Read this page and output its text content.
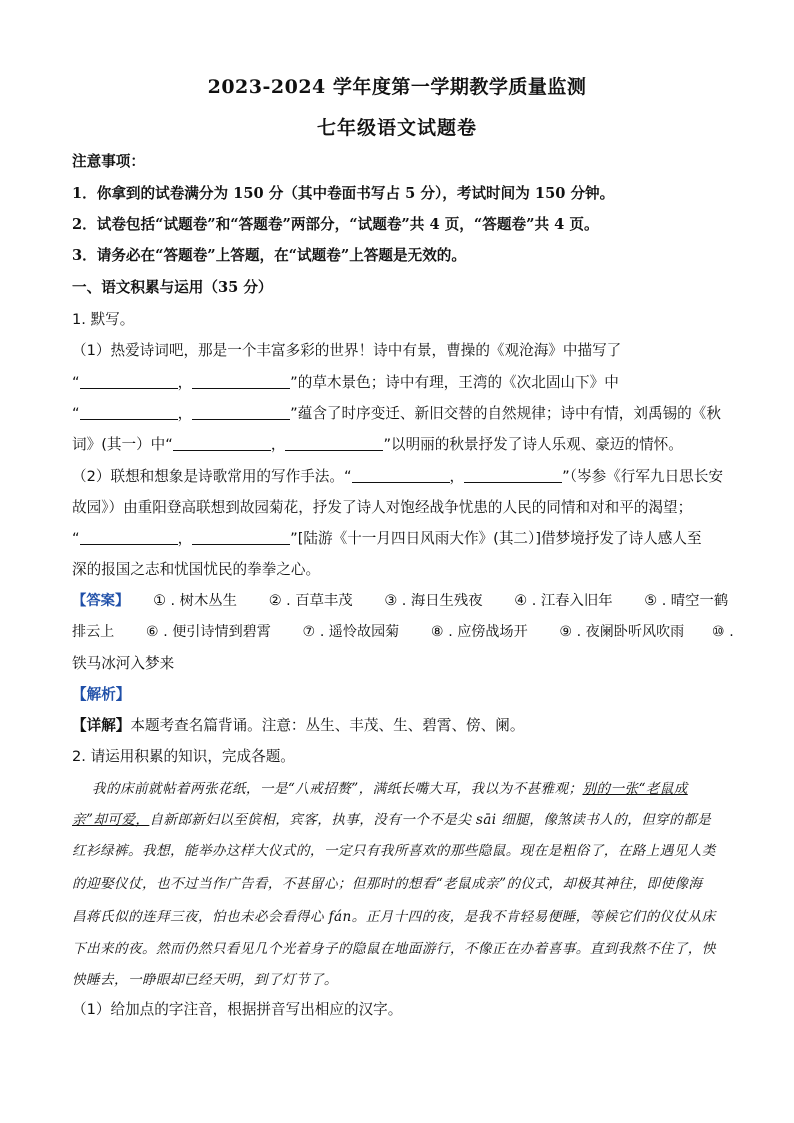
2023-2024 学年度第一学期教学质量监测
七年级语文试题卷
注意事项：
1．你拿到的试卷满分为 150 分（其中卷面书写占 5 分），考试时间为 150 分钟。
2．试卷包括“试题卷”和“答题卷”两部分，“试题卷”共 4 页，“答题卷”共 4 页。
3．请务必在“答题卷”上答题，在“试题卷”上答题是无效的。
一、语文积累与运用（35 分）
1. 默写。
（1）热爱诗词吧，那是一个丰富多彩的世界！诗中有景，曹操的《观沧海》中描写了
“	，	”的草木景色；诗中有理，王湾的《次北固山下》中
“	，	”蕴含了时序变迁、新旧交替的自然规律；诗中有情，刘禹锡的《秋
词》(其一）中“	，	”以明丽的秋景抒发了诗人乐观、豪迈的情怀。
（2）联想和想象是诗歌常用的写作手法。“	，	”（岑参《行军九日思长安
故园》）由重阳登高联想到故园菊花，抒发了诗人对饱经战争忧患的人民的同情和对和平的渴望；
“	，	”[陆游《十一月四日风雨大作》(其二）]借梦境抒发了诗人感人至
深的报国之志和忧国忧民的拳拳之心。
【答案】 ① . 树木丛生 ② . 百草丰茂 ③ . 海日生残夜 ④ . 江春入旧年 ⑤ . 晴空一鹤
排云上 ⑥ . 便引诗情到碧霄 ⑦ . 遥怜故园菊 ⑧ . 应傍战场开 ⑨ . 夜阑卧听风吹雨 ⑩ .
铁马冰河入梦来
【解析】
【详解】本题考查名篇背诵。注意：丛生、丰茂、生、碧霄、傍、阑。
2. 请运用积累的知识，完成各题。
我的床前就帖着两张花纸，一是“八戒招赘”，满纸长嘴大耳，我以为不甚雅观；别的一张“老鼠成
亲”却可爱，自新郎新妇以至傧相，宾客，执事，没有一个不是尖 sāi 细腿，像煞读书人的，但穿的都是
红衫绿裤。我想，能举办这样大仪式的，一定只有我所喜欢的那些隐鼠。现在是粗俗了，在路上遇见人类
的迎娶仪仗，也不过当作广告看，不甚留心；但那时的想看“老鼠成亲”的仪式，却极其神往，即使像海
昌蒋氏似的连拜三夜，怕也未必会看得心 fán。正月十四的夜，是我不肯轻易便睡，等候它们的仪仗从床
下出来的夜。然而仍然只看见几个光着身子的隐鼠在地面游行，不像正在办着喜事。直到我熬不住了，怏
怏睡去，一睁眼却已经天明，到了灯节了。
（1）给加点的字注音，根据拼音写出相应的汉字。
